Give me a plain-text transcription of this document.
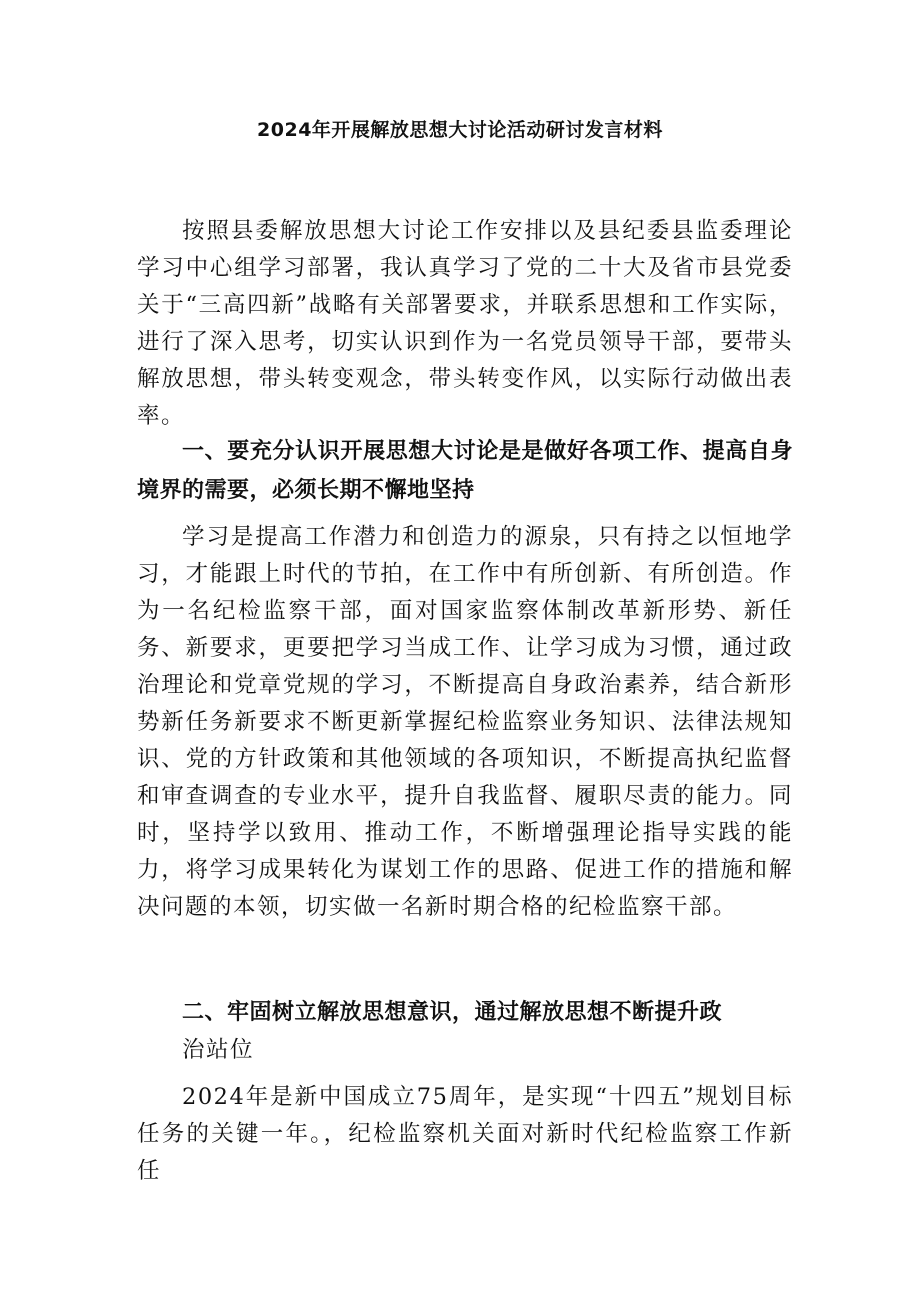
2024年开展解放思想大讨论活动研讨发言材料

按照县委解放思想大讨论工作安排以及县纪委县监委理论学习中心组学习部署，我认真学习了党的二十大及省市县党委关于“三高四新”战略有关部署要求，并联系思想和工作实际，进行了深入思考，切实认识到作为一名党员领导干部，要带头解放思想，带头转变观念，带头转变作风，以实际行动做出表率。

一、要充分认识开展思想大讨论是是做好各项工作、提高自身境界的需要，必须长期不懈地坚持

学习是提高工作潜力和创造力的源泉，只有持之以恒地学习，才能跟上时代的节拍，在工作中有所创新、有所创造。作为一名纪检监察干部，面对国家监察体制改革新形势、新任务、新要求，更要把学习当成工作、让学习成为习惯，通过政治理论和党章党规的学习，不断提高自身政治素养，结合新形势新任务新要求不断更新掌握纪检监察业务知识、法律法规知识、党的方针政策和其他领域的各项知识，不断提高执纪监督和审查调查的专业水平，提升自我监督、履职尽责的能力。同时，坚持学以致用、推动工作，不断增强理论指导实践的能力，将学习成果转化为谋划工作的思路、促进工作的措施和解决问题的本领，切实做一名新时期合格的纪检监察干部。

二、牢固树立解放思想意识，通过解放思想不断提升政

治站位

2024年是新中国成立75周年，是实现“十四五”规划目标任务的关键一年。，纪检监察机关面对新时代纪检监察工作新任
